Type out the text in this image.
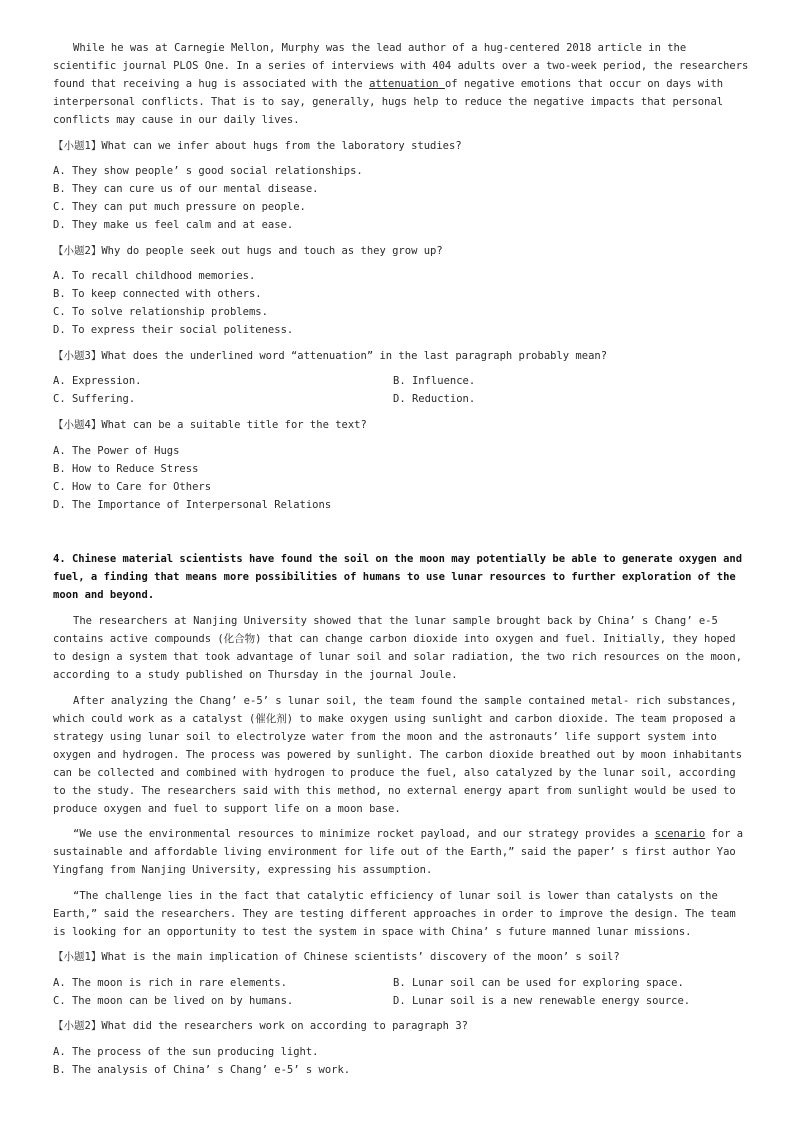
While he was at Carnegie Mellon, Murphy was the lead author of a hug-centered 2018 article in the scientific journal PLOS One. In a series of interviews with 404 adults over a two-week period, the researchers found that receiving a hug is associated with the attenuation of negative emotions that occur on days with interpersonal conflicts. That is to say, generally, hugs help to reduce the negative impacts that personal conflicts may cause in our daily lives.

【小题1】What can we infer about hugs from the laboratory studies?

A. They show people’ s good social relationships.

B. They can cure us of our mental disease.

C. They can put much pressure on people.

D. They make us feel calm and at ease.

【小题2】Why do people seek out hugs and touch as they grow up?

A. To recall childhood memories.

B. To keep connected with others.

C. To solve relationship problems.

D. To express their social politeness.

【小题3】What does the underlined word “attenuation” in the last paragraph probably mean?

A. Expression.	B. Influence.

C. Suffering.	D. Reduction.

【小题4】What can be a suitable title for the text?

A. The Power of Hugs

B. How to Reduce Stress

C. How to Care for Others

D. The Importance of Interpersonal Relations

4. Chinese material scientists have found the soil on the moon may potentially be able to generate oxygen and fuel, a finding that means more possibilities of humans to use lunar resources to further exploration of the moon and beyond.

The researchers at Nanjing University showed that the lunar sample brought back by China’ s Chang’ e-5 contains active compounds (化合物) that can change carbon dioxide into oxygen and fuel. Initially, they hoped to design a system that took advantage of lunar soil and solar radiation, the two rich resources on the moon, according to a study published on Thursday in the journal Joule.

After analyzing the Chang’ e-5’ s lunar soil, the team found the sample contained metal- rich substances, which could work as a catalyst (催化剂) to make oxygen using sunlight and carbon dioxide. The team proposed a strategy using lunar soil to electrolyze water from the moon and the astronauts’ life support system into oxygen and hydrogen. The process was powered by sunlight. The carbon dioxide breathed out by moon inhabitants can be collected and combined with hydrogen to produce the fuel, also catalyzed by the lunar soil, according to the study. The researchers said with this method, no external energy apart from sunlight would be used to produce oxygen and fuel to support life on a moon base.

“We use the environmental resources to minimize rocket payload, and our strategy provides a scenario for a sustainable and affordable living environment for life out of the Earth,” said the paper’ s first author Yao Yingfang from Nanjing University, expressing his assumption.

“The challenge lies in the fact that catalytic efficiency of lunar soil is lower than catalysts on the Earth,” said the researchers. They are testing different approaches in order to improve the design. The team is looking for an opportunity to test the system in space with China’ s future manned lunar missions.

【小题1】What is the main implication of Chinese scientists’ discovery of the moon’ s soil?

A. The moon is rich in rare elements.	B. Lunar soil can be used for exploring space.

C. The moon can be lived on by humans.	D. Lunar soil is a new renewable energy source.

【小题2】What did the researchers work on according to paragraph 3?

A. The process of the sun producing light.

B. The analysis of China’ s Chang’ e-5’ s work.
